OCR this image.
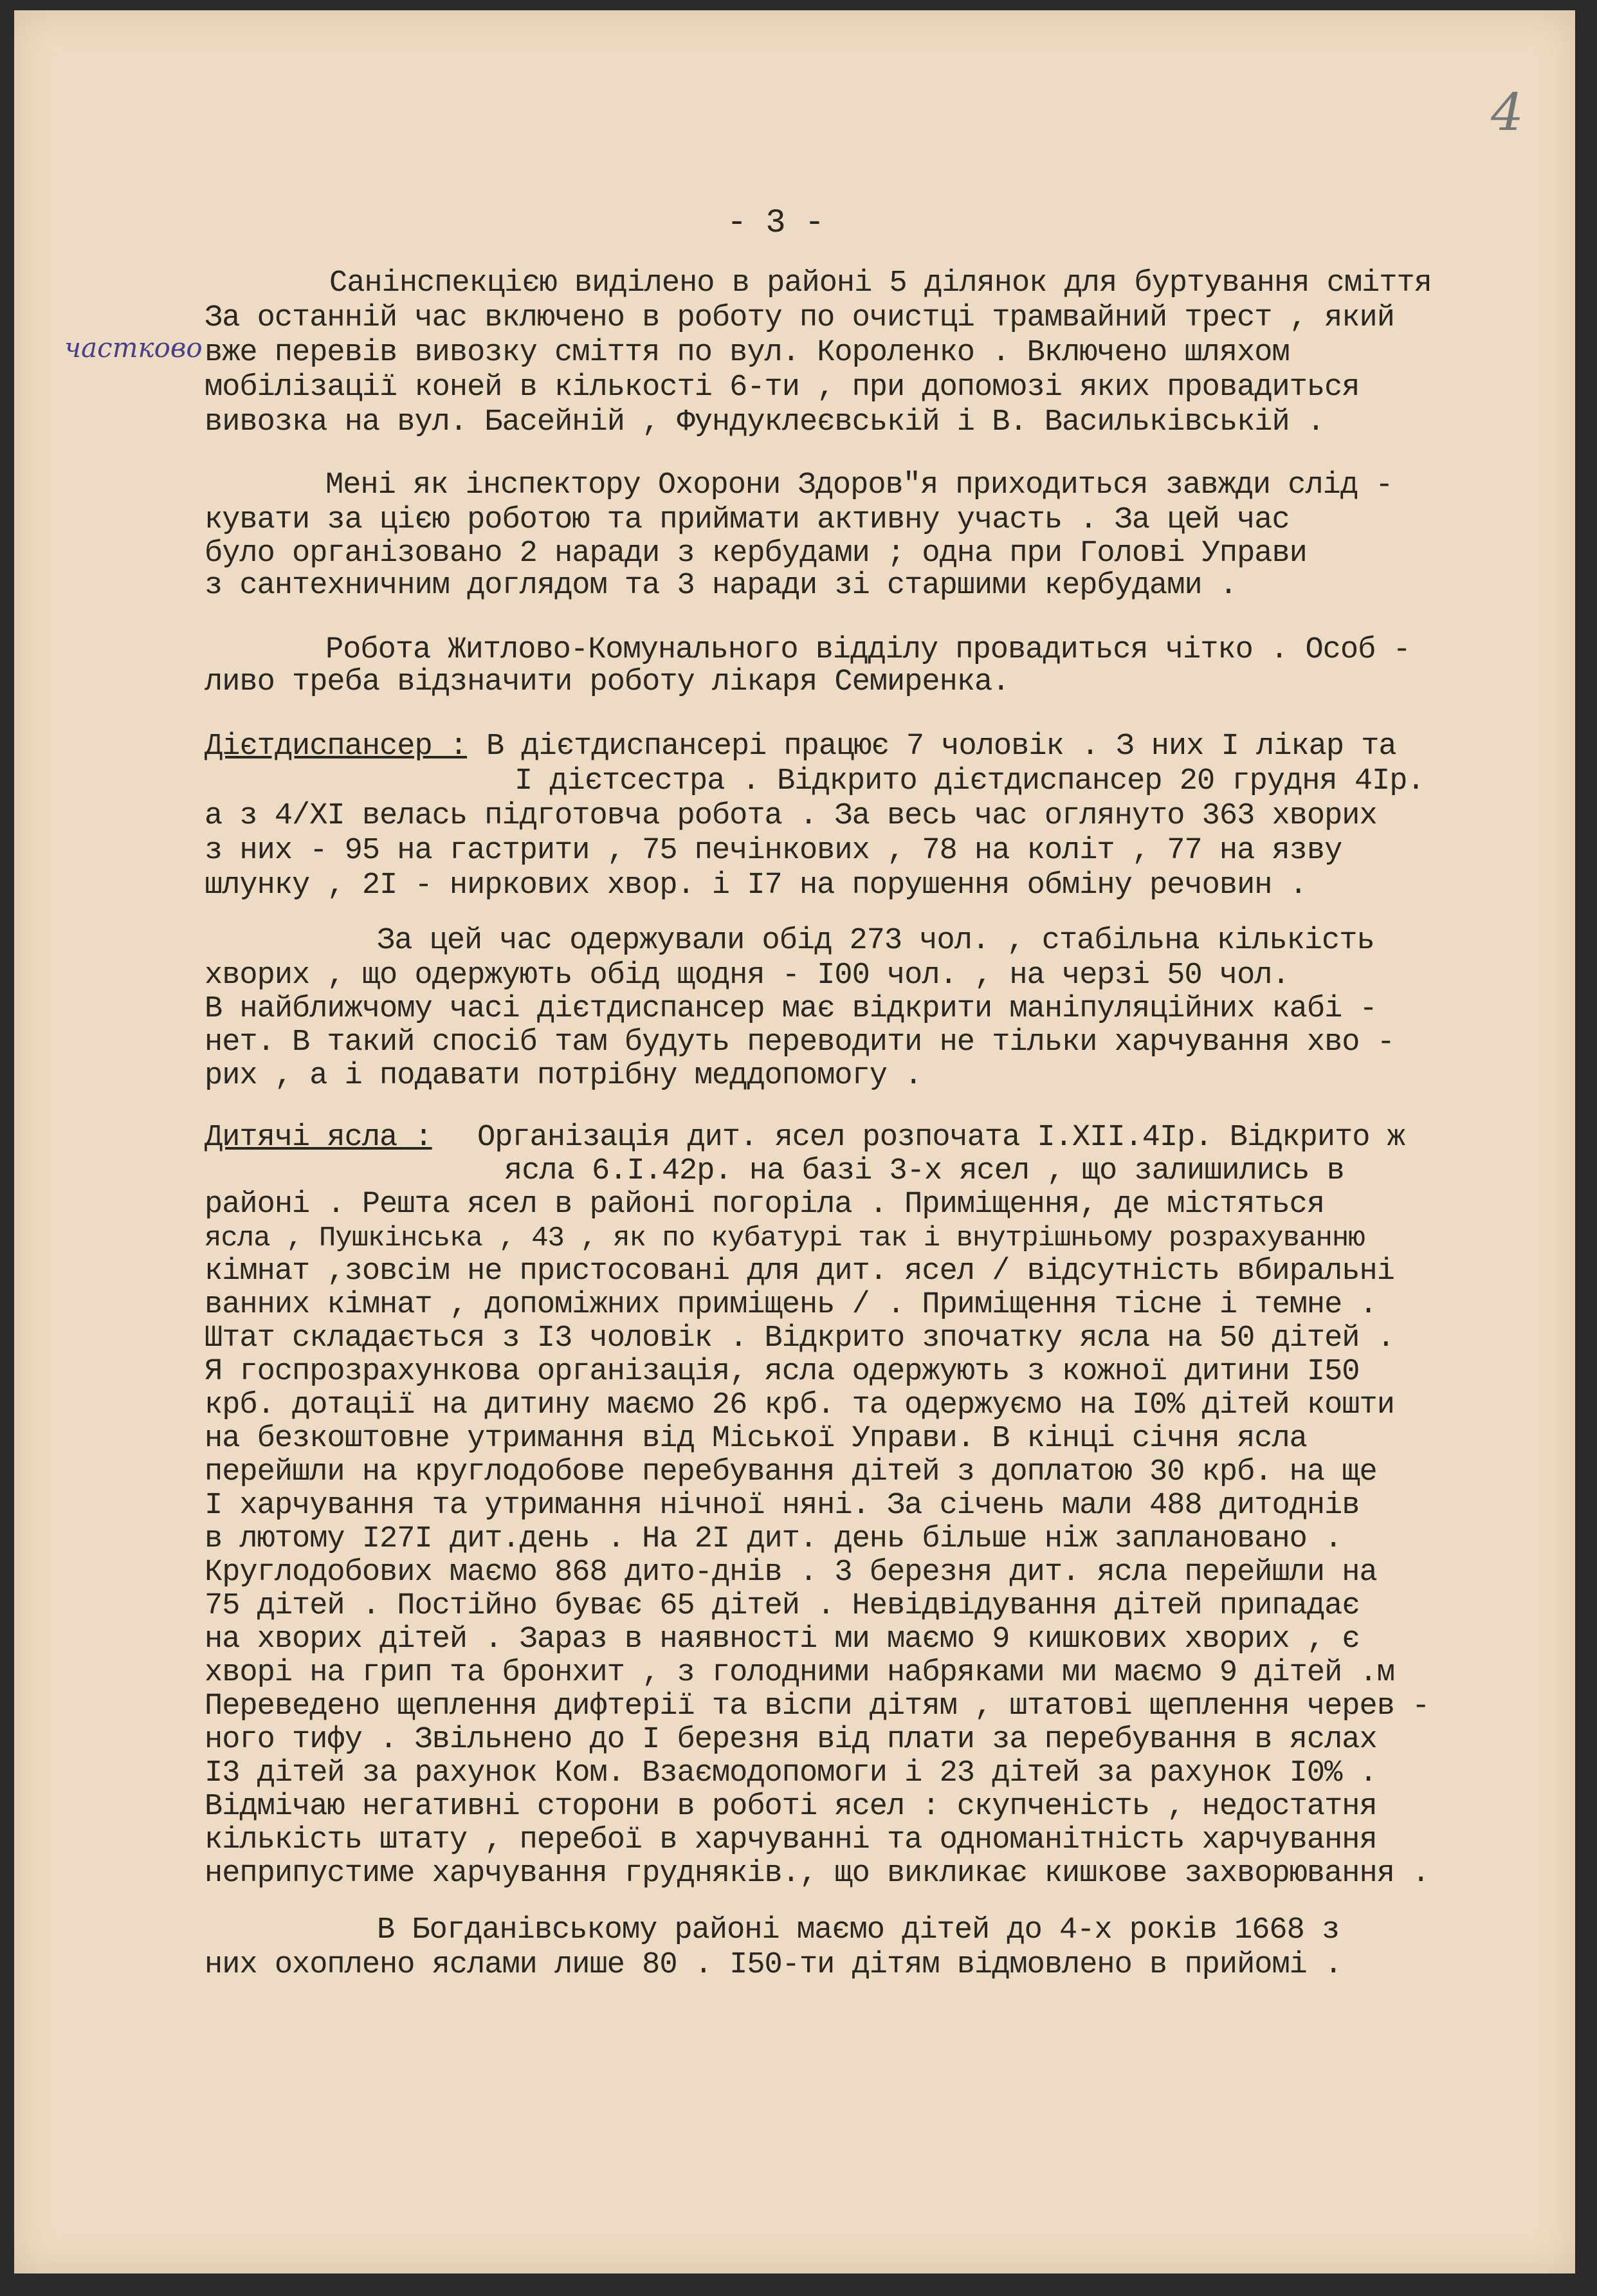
4
- 3 -
частково
Санінспекцією виділено в районі 5 ділянок для буртування сміття
За останній час включено в роботу по очистці трамвайний трест , який
вже перевів вивозку сміття по вул. Короленко . Включено шляхом
мобілізації коней в кількості 6-ти , при допомозі яких провадиться
вивозка на вул. Басейній , Фундуклеєвській і В. Васильківській .
Мені як інспектору Охорони Здоров"я приходиться завжди слід -
кувати за цією роботою та приймати активну участь . За цей час
було організовано 2 наради з кербудами ; одна при Голові Управи
з сантехничним доглядом та 3 наради зі старшими кербудами .
Робота Житлово-Комунального відділу провадиться чітко . Особ -
ливо треба відзначити роботу лікаря Семиренка.
Дієтдиспансер : В дієтдиспансері працює 7 чоловік . З них I лікар та
I дієтсестра . Відкрито дієтдиспансер 20 грудня 4Ір.
а з 4/XI велась підготовча робота . За весь час оглянуто 363 хворих
з них - 95 на гастрити , 75 печінкових , 78 на коліт , 77 на язву
шлунку , 2I - ниркових хвор. і I7 на порушення обміну речовин .
За цей час одержували обід 273 чол. , стабільна кількість
хворих , що одержують обід щодня - I00 чол. , на черзі 50 чол.
В найближчому часі дієтдиспансер має відкрити маніпуляційних кабі -
нет. В такий спосіб там будуть переводити не тільки харчування хво -
рих , а і подавати потрібну меддопомогу .
Дитячі ясла : Організація дит. ясел розпочата I.XII.4Ір. Відкрито ж
ясла 6.I.42р. на базі 3-х ясел , що залишились в
районі . Решта ясел в районі погоріла . Приміщення, де містяться
ясла , Пушкінська , 43 , як по кубатурі так і внутрішньому розрахуванню
кімнат ,зовсім не пристосовані для дит. ясел / відсутність вбиральні
ванних кімнат , допоміжних приміщень / . Приміщення тісне і темне .
Штат складається з I3 чоловік . Відкрито зпочатку ясла на 50 дітей .
Я госпрозрахункова організація, ясла одержують з кожної дитини I50
крб. дотації на дитину маємо 26 крб. та одержуємо на I0% дітей кошти
на безкоштовне утримання від Міської Управи. В кінці січня ясла
перейшли на круглодобове перебування дітей з доплатою 30 крб. на ще
I харчування та утримання нічної няні. За січень мали 488 дитоднів
в лютому I27I дит.день . На 2I дит. день більше ніж заплановано .
Круглодобових маємо 868 дито-днів . 3 березня дит. ясла перейшли на
75 дітей . Постійно буває 65 дітей . Невідвідування дітей припадає
на хворих дітей . Зараз в наявності ми маємо 9 кишкових хворих , є
хворі на грип та бронхит , з голодними набряками ми маємо 9 дітей .м
Переведено щеплення дифтерії та віспи дітям , штатові щеплення черев -
ного тифу . Звільнено до I березня від плати за перебування в яслах
I3 дітей за рахунок Ком. Взаємодопомоги і 23 дітей за рахунок I0% .
Відмічаю негативні сторони в роботі ясел : скупченість , недостатня
кількість штату , перебої в харчуванні та одноманітність харчування
неприпустиме харчування грудняків., що викликає кишкове захворювання .
В Богданівському районі маємо дітей до 4-х років 1668 з
них охоплено яслами лише 80 . I50-ти дітям відмовлено в прийомі .
